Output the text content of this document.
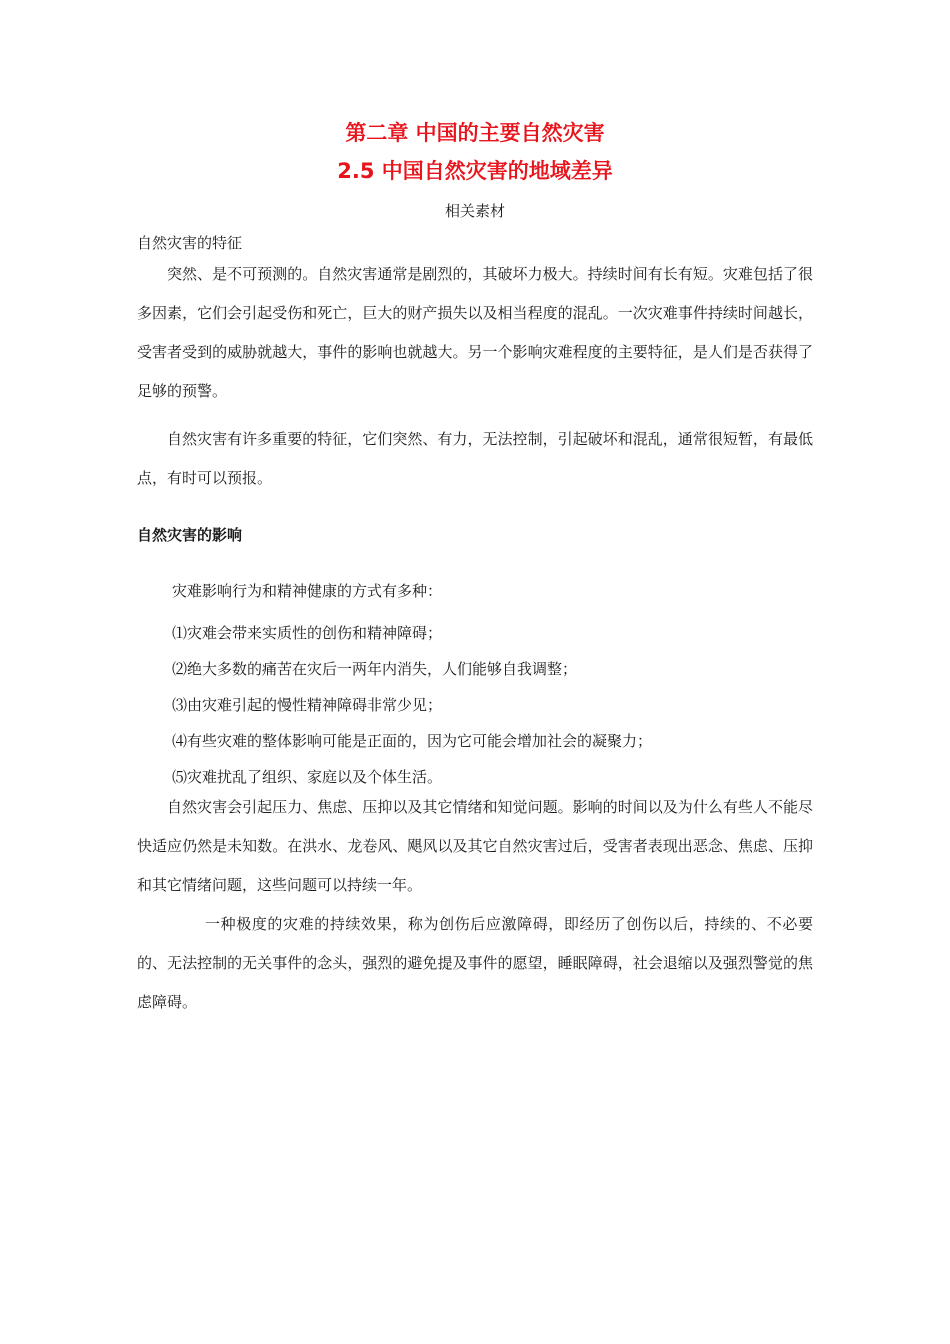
第二章 中国的主要自然灾害
2.5 中国自然灾害的地域差异
相关素材
自然灾害的特征

突然、是不可预测的。自然灾害通常是剧烈的，其破坏力极大。持续时间有长有短。灾难包括了很多因素，它们会引起受伤和死亡，巨大的财产损失以及相当程度的混乱。一次灾难事件持续时间越长，受害者受到的威胁就越大，事件的影响也就越大。另一个影响灾难程度的主要特征，是人们是否获得了足够的预警。

自然灾害有许多重要的特征，它们突然、有力，无法控制，引起破坏和混乱，通常很短暂，有最低点，有时可以预报。

自然灾害的影响
灾难影响行为和精神健康的方式有多种：
⑴灾难会带来实质性的创伤和精神障碍；
⑵绝大多数的痛苦在灾后一两年内消失，人们能够自我调整；
⑶由灾难引起的慢性精神障碍非常少见；
⑷有些灾难的整体影响可能是正面的，因为它可能会增加社会的凝聚力；
⑸灾难扰乱了组织、家庭以及个体生活。

自然灾害会引起压力、焦虑、压抑以及其它情绪和知觉问题。影响的时间以及为什么有些人不能尽快适应仍然是未知数。在洪水、龙卷风、飓风以及其它自然灾害过后，受害者表现出恶念、焦虑、压抑和其它情绪问题，这些问题可以持续一年。

一种极度的灾难的持续效果，称为创伤后应激障碍，即经历了创伤以后，持续的、不必要的、无法控制的无关事件的念头，强烈的避免提及事件的愿望，睡眠障碍，社会退缩以及强烈警觉的焦虑障碍。
